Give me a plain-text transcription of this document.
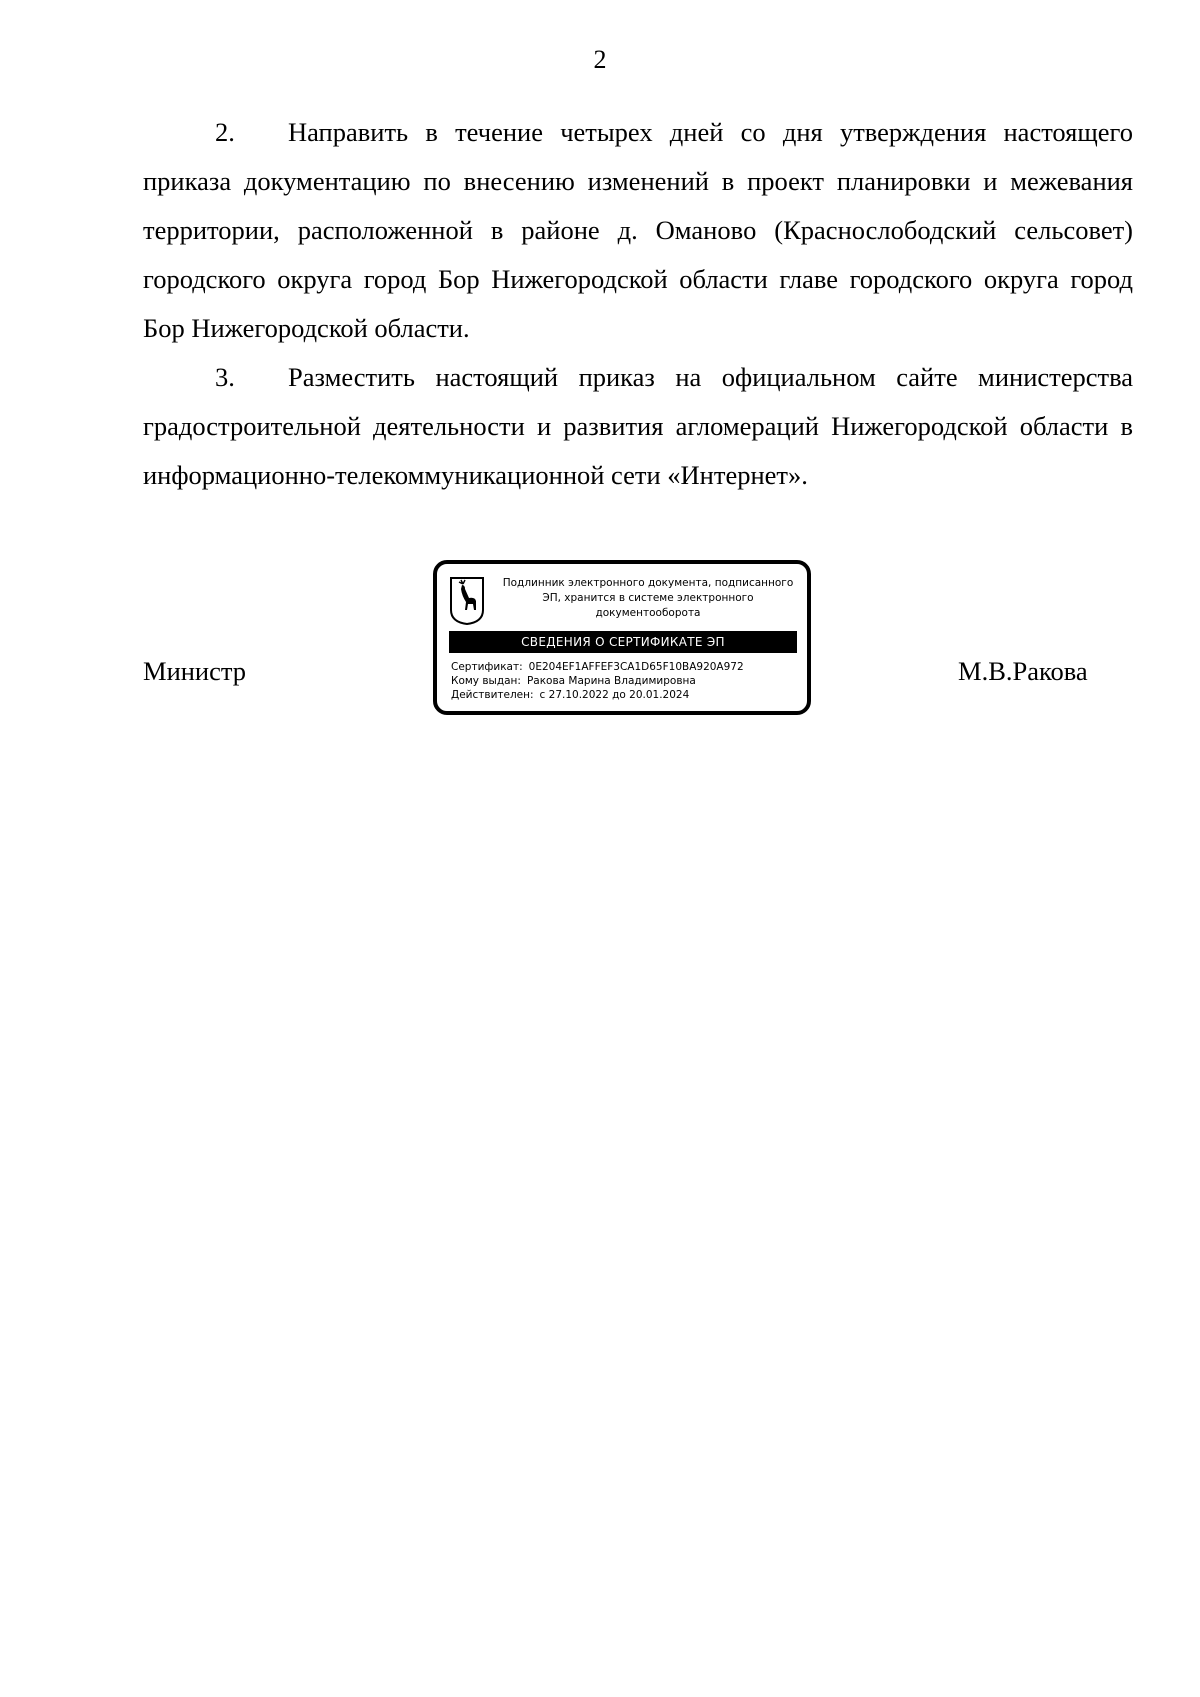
2

2. Направить в течение четырех дней со дня утверждения настоящего приказа документацию по внесению изменений в проект планировки и межевания территории, расположенной в районе д. Омановo (Краснослободский сельсовет) городского округа город Бор Нижегородской области главе городского округа город Бор Нижегородской области.

3. Разместить настоящий приказ на официальном сайте министерства градостроительной деятельности и развития агломераций Нижегородской области в информационно-телекоммуникационной сети «Интернет».

Министр
Подлинник электронного документа, подписанного ЭП, хранится в системе электронного документооборота
СВЕДЕНИЯ О СЕРТИФИКАТЕ ЭП
Сертификат: 0E204EF1AFFEF3CA1D65F10BA920A972
Кому выдан: Ракова Марина Владимировна
Действителен: с 27.10.2022 до 20.01.2024
М.В.Ракова
